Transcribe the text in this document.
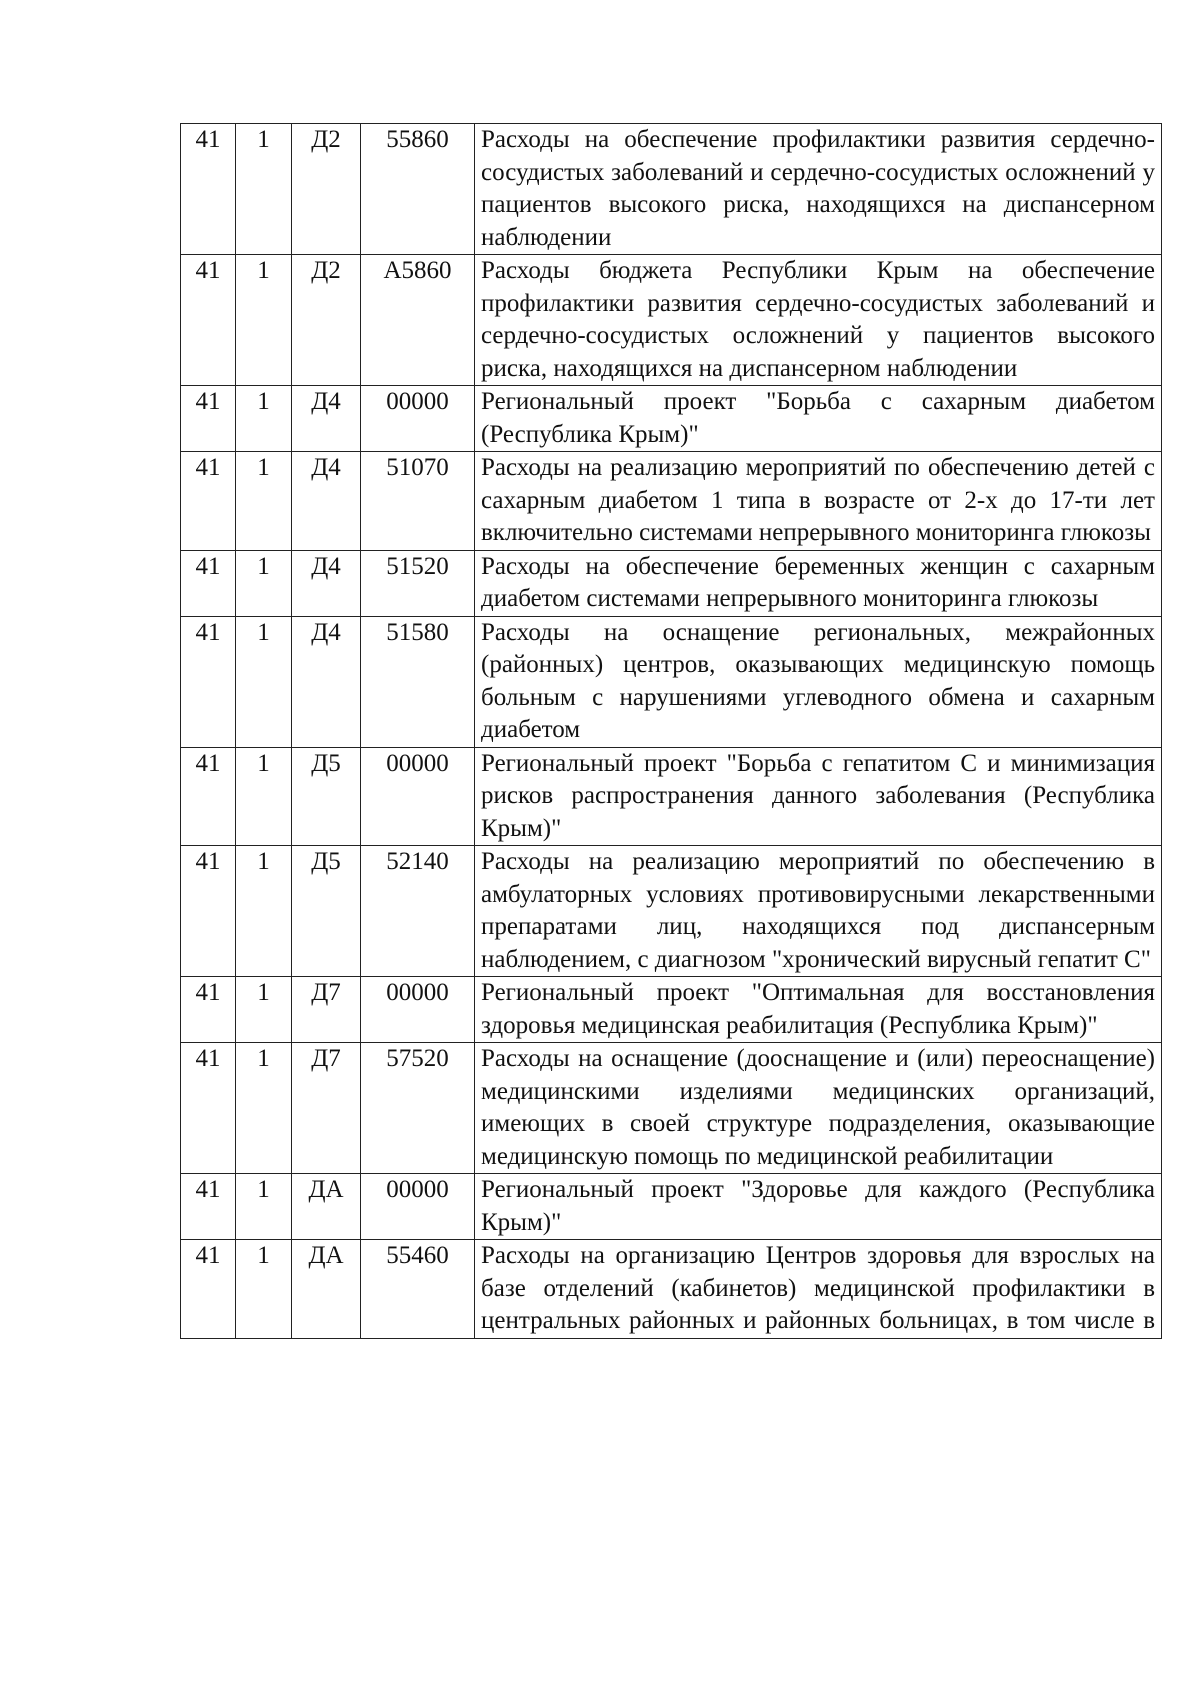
41	1	Д2	55860	Расходы на обеспечение профилактики развития сердечно-сосудистых заболеваний и сердечно-сосудистых осложнений у пациентов высокого риска, находящихся на диспансерном наблюдении
41	1	Д2	А5860	Расходы бюджета Республики Крым на обеспечение профилактики развития сердечно-сосудистых заболеваний и сердечно-сосудистых осложнений у пациентов высокого риска, находящихся на диспансерном наблюдении
41	1	Д4	00000	Региональный проект "Борьба с сахарным диабетом (Республика Крым)"
41	1	Д4	51070	Расходы на реализацию мероприятий по обеспечению детей с сахарным диабетом 1 типа в возрасте от 2-х до 17-ти лет включительно системами непрерывного мониторинга глюкозы
41	1	Д4	51520	Расходы на обеспечение беременных женщин с сахарным диабетом системами непрерывного мониторинга глюкозы
41	1	Д4	51580	Расходы на оснащение региональных, межрайонных (районных) центров, оказывающих медицинскую помощь больным с нарушениями углеводного обмена и сахарным диабетом
41	1	Д5	00000	Региональный проект "Борьба с гепатитом С и минимизация рисков распространения данного заболевания (Республика Крым)"
41	1	Д5	52140	Расходы на реализацию мероприятий по обеспечению в амбулаторных условиях противовирусными лекарственными препаратами лиц, находящихся под диспансерным наблюдением, с диагнозом "хронический вирусный гепатит С"
41	1	Д7	00000	Региональный проект "Оптимальная для восстановления здоровья медицинская реабилитация (Республика Крым)"
41	1	Д7	57520	Расходы на оснащение (дооснащение и (или) переоснащение) медицинскими изделиями медицинских организаций, имеющих в своей структуре подразделения, оказывающие медицинскую помощь по медицинской реабилитации
41	1	ДА	00000	Региональный проект "Здоровье для каждого (Республика Крым)"
41	1	ДА	55460	Расходы на организацию Центров здоровья для взрослых на базе отделений (кабинетов) медицинской профилактики в центральных районных и районных больницах, в том числе в
